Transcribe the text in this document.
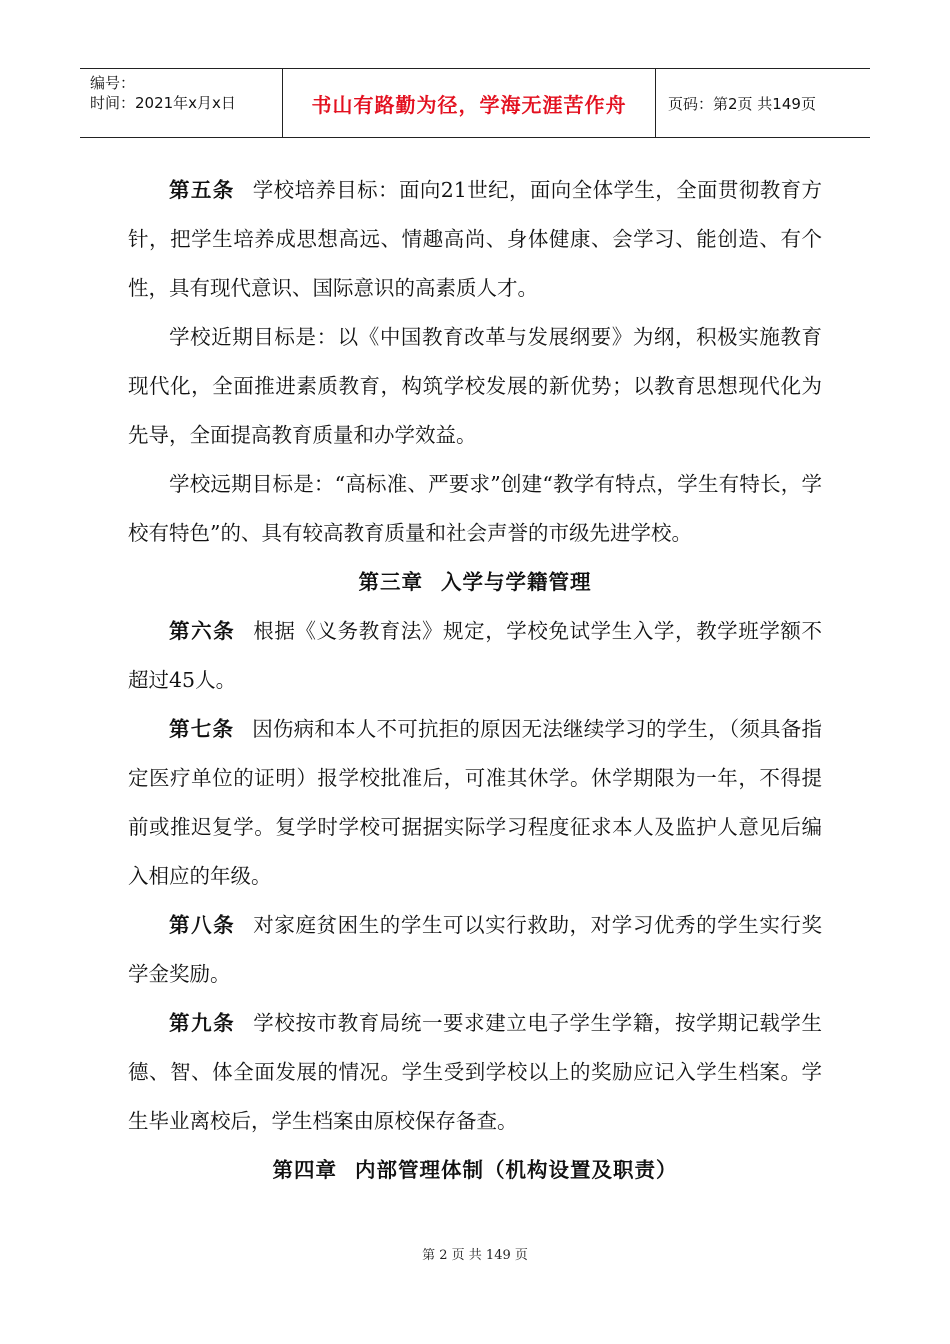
编号：
时间：2021年x月x日	书山有路勤为径，学海无涯苦作舟	页码：第2页 共149页

第五条 学校培养目标：面向21世纪，面向全体学生，全面贯彻教育方针，把学生培养成思想高远、情趣高尚、身体健康、会学习、能创造、有个性，具有现代意识、国际意识的高素质人才。

学校近期目标是：以《中国教育改革与发展纲要》为纲，积极实施教育现代化，全面推进素质教育，构筑学校发展的新优势；以教育思想现代化为先导，全面提高教育质量和办学效益。

学校远期目标是：“高标准、严要求”创建“教学有特点，学生有特长，学校有特色”的、具有较高教育质量和社会声誉的市级先进学校。

第三章 入学与学籍管理

第六条 根据《义务教育法》规定，学校免试学生入学，教学班学额不超过45人。

第七条 因伤病和本人不可抗拒的原因无法继续学习的学生，（须具备指定医疗单位的证明）报学校批准后，可准其休学。休学期限为一年，不得提前或推迟复学。复学时学校可据据实际学习程度征求本人及监护人意见后编入相应的年级。

第八条 对家庭贫困生的学生可以实行救助，对学习优秀的学生实行奖学金奖励。

第九条 学校按市教育局统一要求建立电子学生学籍，按学期记载学生德、智、体全面发展的情况。学生受到学校以上的奖励应记入学生档案。学生毕业离校后，学生档案由原校保存备查。

第四章 内部管理体制（机构设置及职责）

第 2 页 共 149 页
